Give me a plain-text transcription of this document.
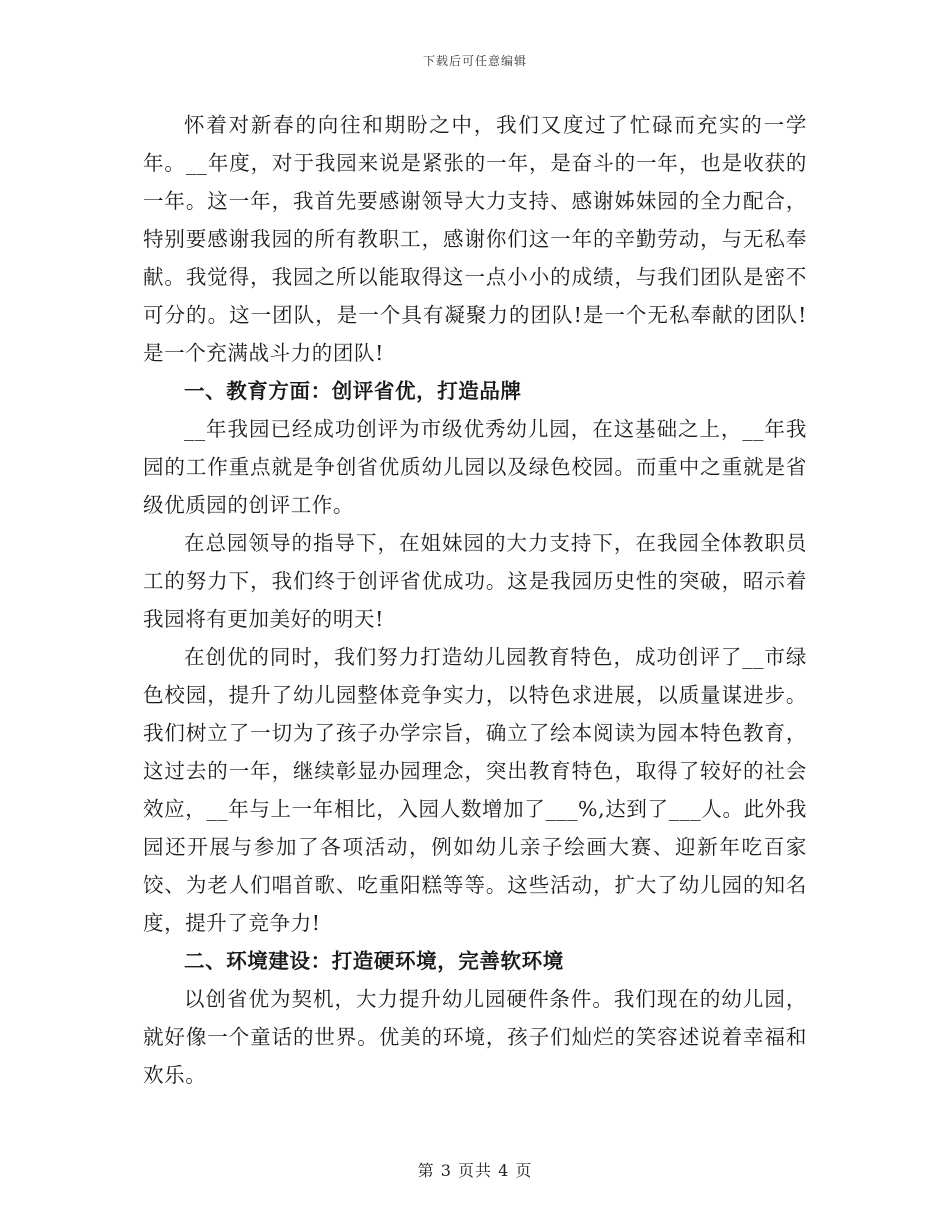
下载后可任意编辑

怀着对新春的向往和期盼之中，我们又度过了忙碌而充实的一学年。__年度，对于我园来说是紧张的一年，是奋斗的一年，也是收获的一年。这一年，我首先要感谢领导大力支持、感谢姊妹园的全力配合，特别要感谢我园的所有教职工，感谢你们这一年的辛勤劳动，与无私奉献。我觉得，我园之所以能取得这一点小小的成绩，与我们团队是密不可分的。这一团队，是一个具有凝聚力的团队!是一个无私奉献的团队!是一个充满战斗力的团队!

一、教育方面：创评省优，打造品牌

__年我园已经成功创评为市级优秀幼儿园，在这基础之上，__年我园的工作重点就是争创省优质幼儿园以及绿色校园。而重中之重就是省级优质园的创评工作。

在总园领导的指导下，在姐妹园的大力支持下，在我园全体教职员工的努力下，我们终于创评省优成功。这是我园历史性的突破，昭示着我园将有更加美好的明天!

在创优的同时，我们努力打造幼儿园教育特色，成功创评了__市绿色校园，提升了幼儿园整体竞争实力，以特色求进展，以质量谋进步。我们树立了一切为了孩子办学宗旨，确立了绘本阅读为园本特色教育，这过去的一年，继续彰显办园理念，突出教育特色，取得了较好的社会效应，__年与上一年相比，入园人数增加了___%,达到了___人。此外我园还开展与参加了各项活动，例如幼儿亲子绘画大赛、迎新年吃百家饺、为老人们唱首歌、吃重阳糕等等。这些活动，扩大了幼儿园的知名度，提升了竞争力!

二、环境建设：打造硬环境，完善软环境

以创省优为契机，大力提升幼儿园硬件条件。我们现在的幼儿园，就好像一个童话的世界。优美的环境，孩子们灿烂的笑容述说着幸福和欢乐。

第 3 页共 4 页
